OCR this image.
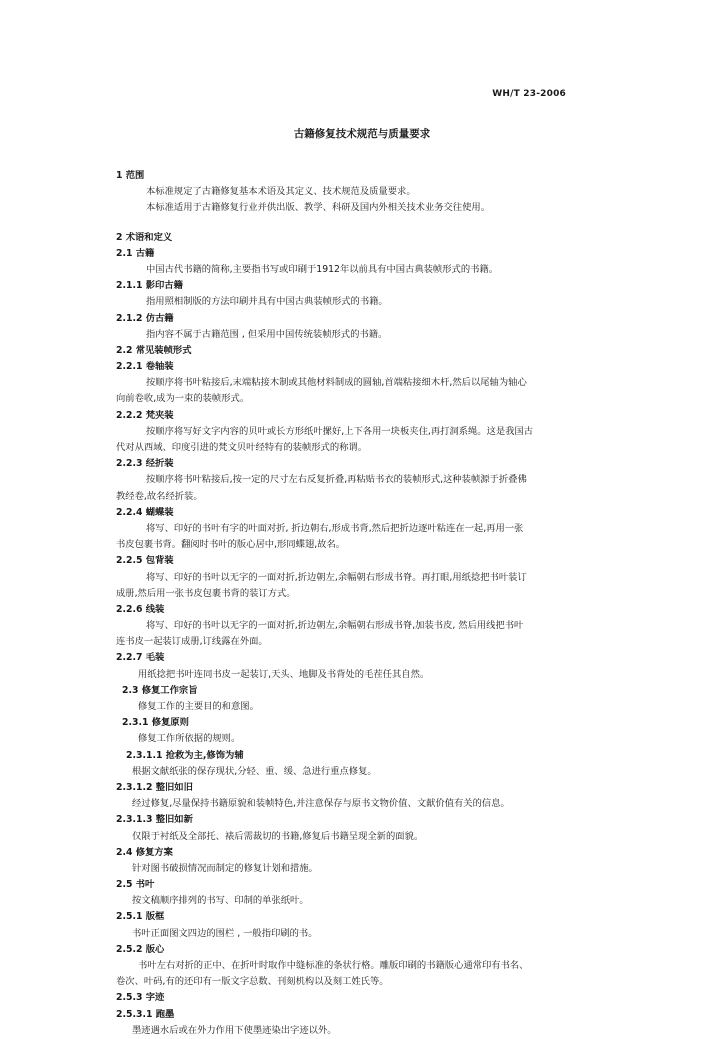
WH/T 23-2006
古籍修复技术规范与质量要求
1 范围
本标准规定了古籍修复基本术语及其定义、技术规范及质量要求。
本标准适用于古籍修复行业并供出版、教学、科研及国内外相关技术业务交往使用。
2 术语和定义
2.1 古籍
中国古代书籍的简称,主要指书写或印刷于1912年以前具有中国古典装帧形式的书籍。
2.1.1 影印古籍
指用照相制版的方法印刷并具有中国古典装帧形式的书籍。
2.1.2 仿古籍
指内容不属于古籍范围 , 但采用中国传统装帧形式的书籍。
2.2 常见装帧形式
2.2.1 卷轴装
按顺序将书叶粘接后,末端粘接木制或其他材料制成的圆轴,首端粘接细木杆,然后以尾轴为轴心
向前卷收,成为一束的装帧形式。
2.2.2 梵夹装
按顺序将写好文字内容的贝叶或长方形纸叶摞好,上下各用一块板夹住,再打洞系绳。这是我国古
代对从西域、印度引进的梵文贝叶经特有的装帧形式的称谓。
2.2.3 经折装
按顺序将书叶粘接后,按一定的尺寸左右反复折叠,再粘贴书衣的装帧形式,这种装帧源于折叠佛
教经卷,故名经折装。
2.2.4 蝴蝶装
将写、印好的书叶有字的叶面对折, 折边朝右,形成书背,然后把折边逐叶粘连在一起,再用一张
书皮包裹书背。翻阅时书叶的版心居中,形同蝶翅,故名。
2.2.5 包背装
将写、印好的书叶以无字的一面对折,折边朝左,余幅朝右形成书脊。再打眼,用纸捻把书叶装订
成册,然后用一张书皮包裹书背的装订方式。
2.2.6 线装
将写、印好的书叶以无字的一面对折,折边朝左,余幅朝右形成书脊,加装书皮, 然后用线把书叶
连书皮一起装订成册,订线露在外面。
2.2.7 毛装
用纸捻把书叶连同书皮一起装订,天头、地脚及书背处的毛茬任其自然。
2.3 修复工作宗旨
修复工作的主要目的和意图。
2.3.1 修复原则
修复工作所依据的规则。
2.3.1.1 抢救为主,修饰为辅
根据文献纸张的保存现状,分轻、重、缓、急进行重点修复。
2.3.1.2 整旧如旧
经过修复,尽量保持书籍原貌和装帧特色,并注意保存与原书文物价值、文献价值有关的信息。
2.3.1.3 整旧如新
仅限于衬纸及全部托、裱后需裁切的书籍,修复后书籍呈现全新的面貌。
2.4 修复方案
针对图书破损情况而制定的修复计划和措施。
2.5 书叶
按文稿顺序排列的书写、印制的单张纸叶。
2.5.1 版框
书叶正面图文四边的围栏 , 一般指印刷的书。
2.5.2 版心
书叶左右对折的正中、在折叶时取作中缝标准的条状行格。雕版印刷的书籍版心通常印有书名、
卷次、叶码,有的还印有一版文字总数、刊刻机构以及刻工姓氏等。
2.5.3 字迹
2.5.3.1 跑墨
墨迹遇水后或在外力作用下使墨迹染出字迹以外。
